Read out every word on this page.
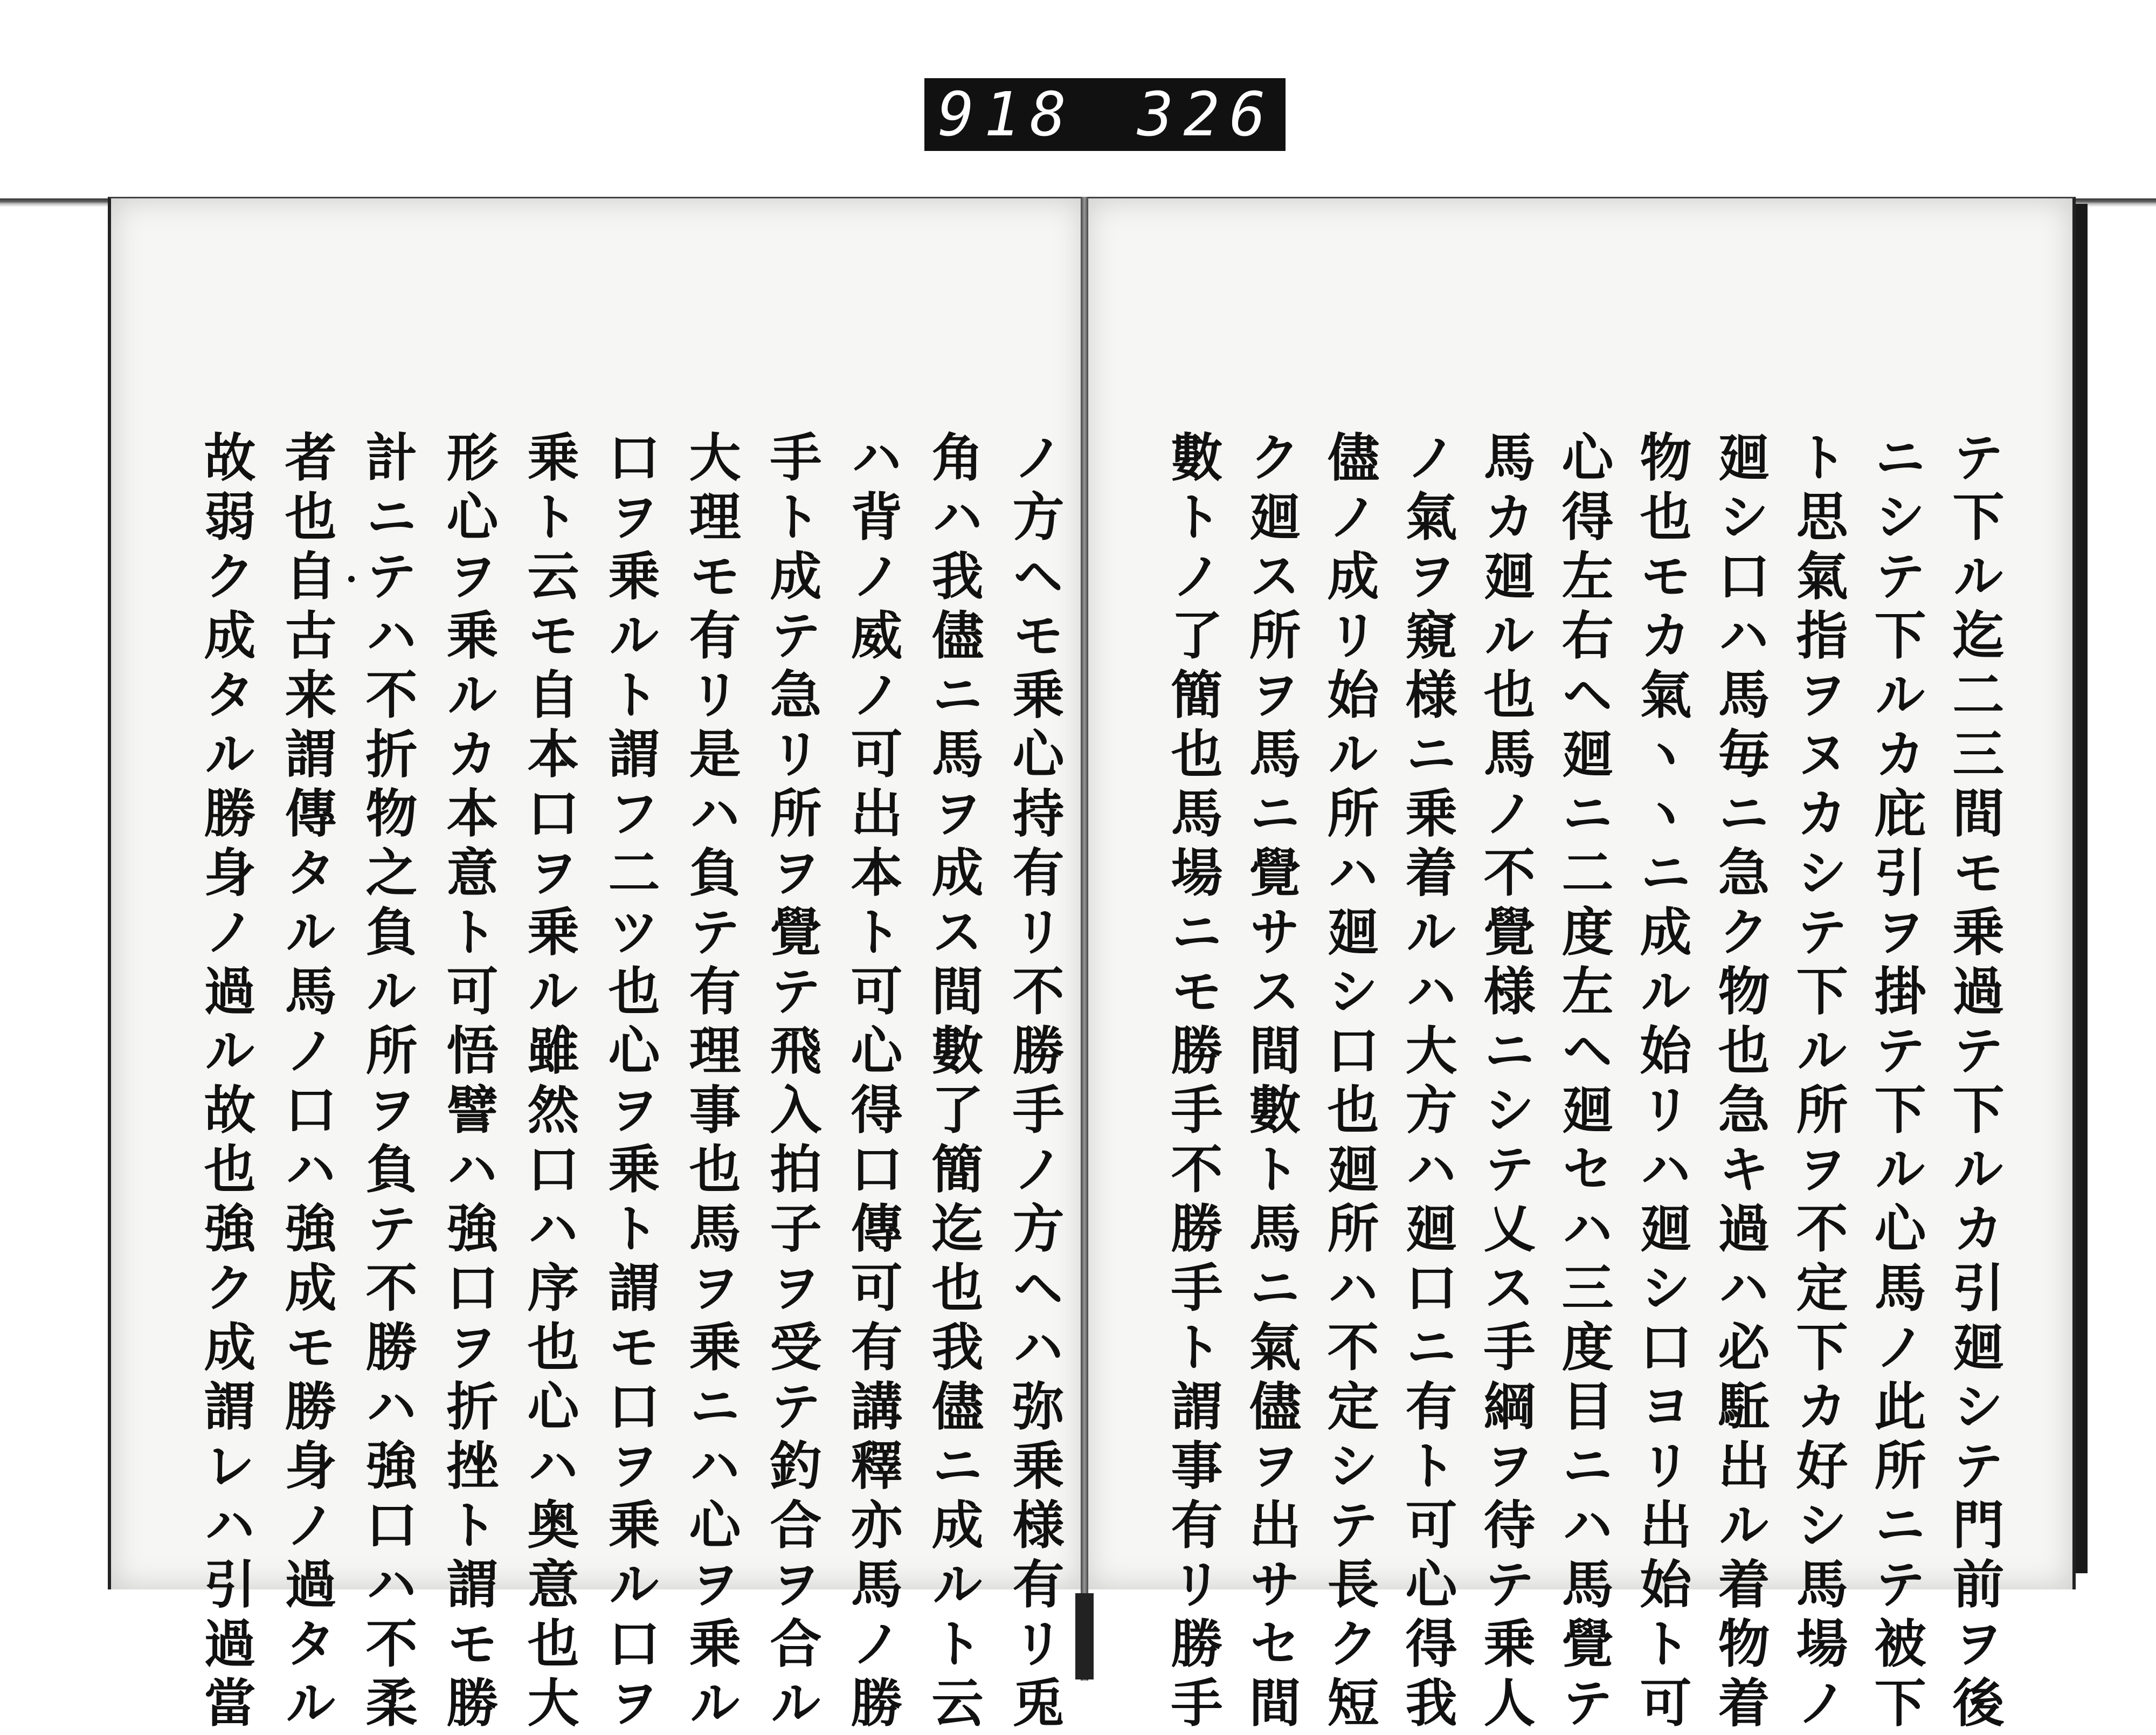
918 326.
ノ方ヘモ乗心持有リ不勝手ノ方ヘハ弥乗様有リ兎
角ハ我儘ニ馬ヲ成ス間數了簡迄也我儘ニ成ルト云
ハ背ノ威ノ可出本ト可心得口傳可有講釋亦馬ノ勝
手ト成テ急リ所ヲ覺テ飛入拍子ヲ受テ釣合ヲ合ル
大理モ有リ是ハ負テ有理事也馬ヲ乗ニハ心ヲ乗ル
口ヲ乗ルト謂フ二ツ也心ヲ乗ト謂モ口ヲ乗ル口ヲ
乗ト云モ自本口ヲ乗ル雖然口ハ序也心ハ奥意也大
形心ヲ乗ルカ本意ト可悟譬ハ強口ヲ折挫ト謂モ勝
計ニテハ不折物之負ル所ヲ負テ不勝ハ強口ハ不柔
者也自古来謂傳タル馬ノ口ハ強成モ勝身ノ過タル
故弱ク成タル勝身ノ過ル故也強ク成謂レハ引過當	テ下ル迄二三間モ乗過テ下ルカ引廻シテ門前ヲ後
ニシテ下ルカ庇引ヲ掛テ下ル心馬ノ此所ニテ被下
ト思氣指ヲヌカシテ下ル所ヲ不定下カ好シ馬場ノ
廻シ口ハ馬毎ニ急ク物也急キ過ハ必駈出ル着物着
物也モカ氣ヽヽニ成ル始リハ廻シ口ヨリ出始ト可
心得左右ヘ廻ニ二度左ヘ廻セハ三度目ニハ馬覺テ
馬カ廻ル也馬ノ不覺様ニシテ乂ス手綱ヲ待テ乗人
ノ氣ヲ窺様ニ乗着ルハ大方ハ廻口ニ有ト可心得我
儘ノ成リ始ル所ハ廻シ口也廻所ハ不定シテ長ク短
ク廻ス所ヲ馬ニ覺サス間數ト馬ニ氣儘ヲ出サセ間
數トノ了簡也馬場ニモ勝手不勝手ト謂事有リ勝手
